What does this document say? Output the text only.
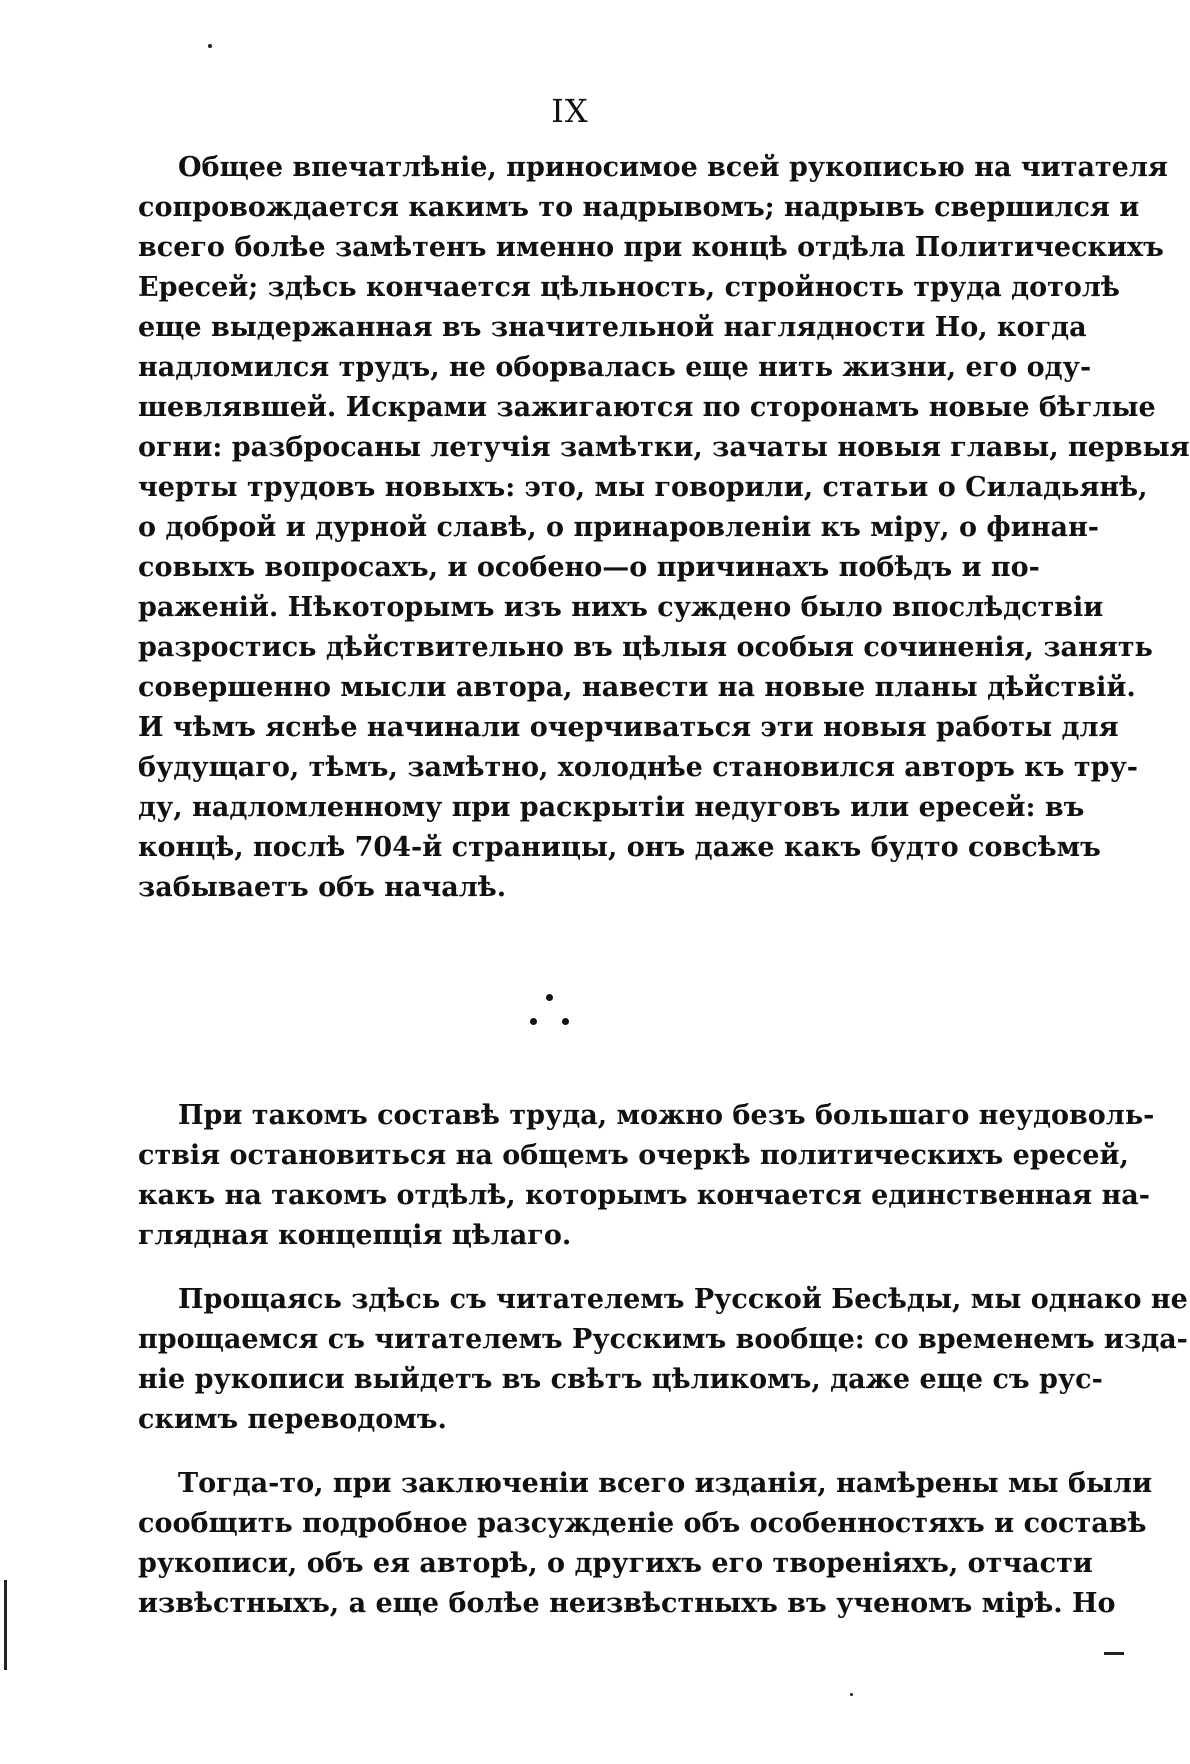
IX
Общее впечатлѣніе, приносимое всей рукописью на читателя
сопровождается какимъ то надрывомъ; надрывъ свершился и
всего болѣе замѣтенъ именно при концѣ отдѣла Политическихъ
Ересей; здѣсь кончается цѣльность, стройность труда дотолѣ
еще выдержанная въ значительной наглядности Но, когда
надломился трудъ, не оборвалась еще нить жизни, его оду-
шевлявшей. Искрами зажигаются по сторонамъ новые бѣглые
огни: разбросаны летучія замѣтки, зачаты новыя главы, первыя
черты трудовъ новыхъ: это, мы говорили, статьи о Силадьянѣ,
о доброй и дурной славѣ, о принаровленіи къ міру, о финан-
совыхъ вопросахъ, и особено—о причинахъ побѣдъ и по-
раженій. Нѣкоторымъ изъ нихъ суждено было впослѣдствіи
разростись дѣйствительно въ цѣлыя особыя сочиненія, занять
совершенно мысли автора, навести на новые планы дѣйствій.
И чѣмъ яснѣе начинали очерчиваться эти новыя работы для
будущаго, тѣмъ, замѣтно, холоднѣе становился авторъ къ тру-
ду, надломленному при раскрытіи недуговъ или ересей: въ
концѣ, послѣ 704-й страницы, онъ даже какъ будто совсѣмъ
забываетъ объ началѣ.
При такомъ составѣ труда, можно безъ большаго неудоволь-
ствія остановиться на общемъ очеркѣ политическихъ ересей,
какъ на такомъ отдѣлѣ, которымъ кончается единственная на-
глядная концепція цѣлаго.
Прощаясь здѣсь съ читателемъ Русской Бесѣды, мы однако не
прощаемся съ читателемъ Русскимъ вообще: со временемъ изда-
ніе рукописи выйдетъ въ свѣтъ цѣликомъ, даже еще съ рус-
скимъ переводомъ.
Тогда-то, при заключеніи всего изданія, намѣрены мы были
сообщить подробное разсужденіе объ особенностяхъ и составѣ
рукописи, объ ея авторѣ, о другихъ его твореніяхъ, отчасти
извѣстныхъ, а еще болѣе неизвѣстныхъ въ ученомъ мірѣ. Но
